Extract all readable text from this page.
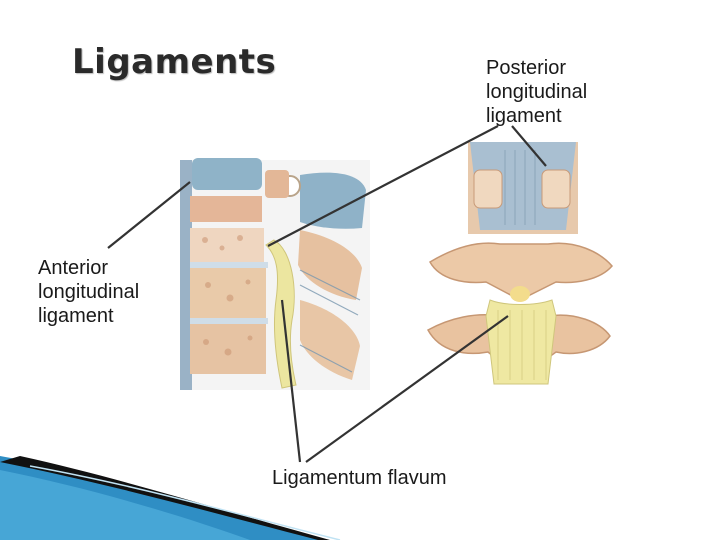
Ligaments	Posterior
longitudinal
ligament
Anterior
longitudinal
ligament
Ligamentum flavum
